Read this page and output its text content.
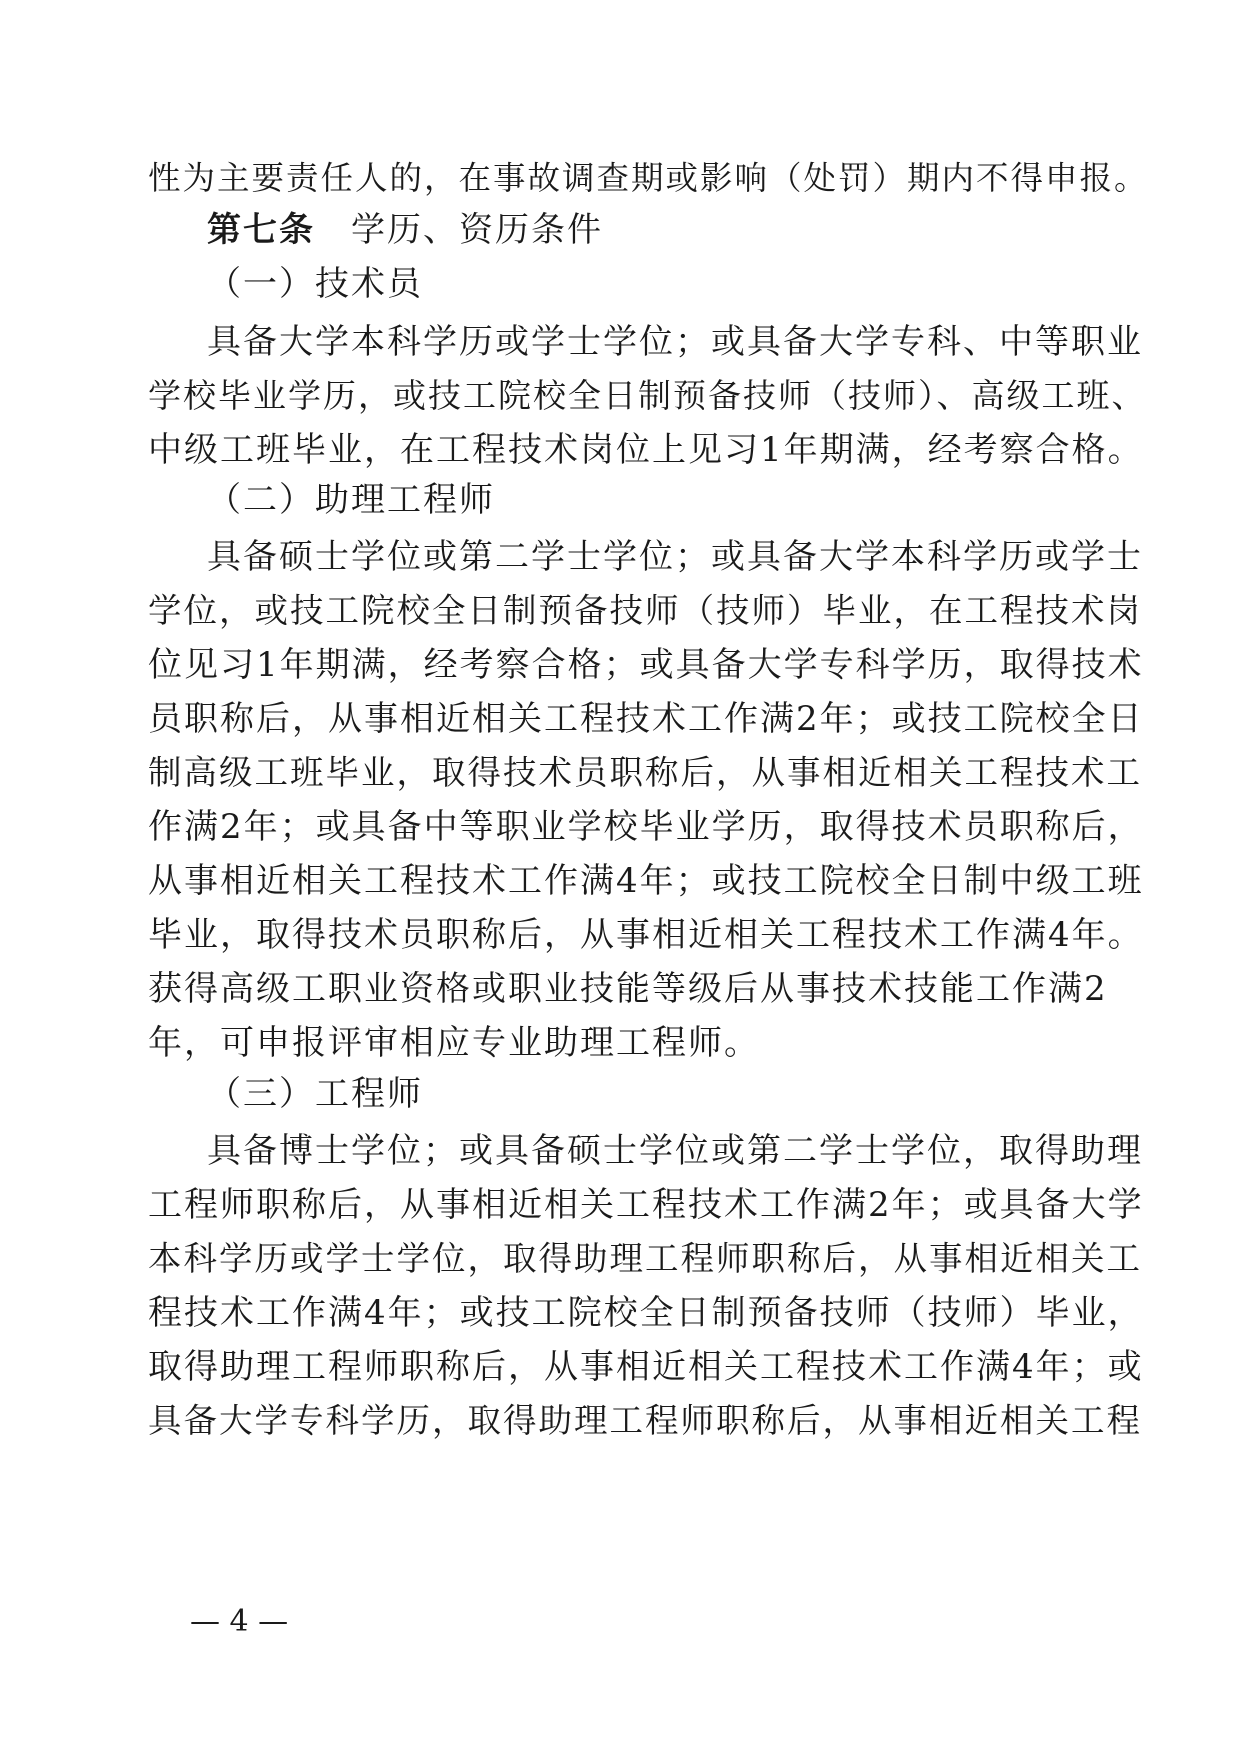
性为主要责任人的，在事故调查期或影响（处罚）期内不得申报。
第七条  学历、资历条件
（一）技术员
具备大学本科学历或学士学位；或具备大学专科、中等职业
学校毕业学历，或技工院校全日制预备技师（技师）、高级工班、
中级工班毕业，在工程技术岗位上见习1年期满，经考察合格。
（二）助理工程师
具备硕士学位或第二学士学位；或具备大学本科学历或学士
学位，或技工院校全日制预备技师（技师）毕业，在工程技术岗
位见习1年期满，经考察合格；或具备大学专科学历，取得技术
员职称后，从事相近相关工程技术工作满2年；或技工院校全日
制高级工班毕业，取得技术员职称后，从事相近相关工程技术工
作满2年；或具备中等职业学校毕业学历，取得技术员职称后，
从事相近相关工程技术工作满4年；或技工院校全日制中级工班
毕业，取得技术员职称后，从事相近相关工程技术工作满4年。
获得高级工职业资格或职业技能等级后从事技术技能工作满2
年，可申报评审相应专业助理工程师。
（三）工程师
具备博士学位；或具备硕士学位或第二学士学位，取得助理
工程师职称后，从事相近相关工程技术工作满2年；或具备大学
本科学历或学士学位，取得助理工程师职称后，从事相近相关工
程技术工作满4年；或技工院校全日制预备技师（技师）毕业，
取得助理工程师职称后，从事相近相关工程技术工作满4年；或
具备大学专科学历，取得助理工程师职称后，从事相近相关工程
— 4 —
